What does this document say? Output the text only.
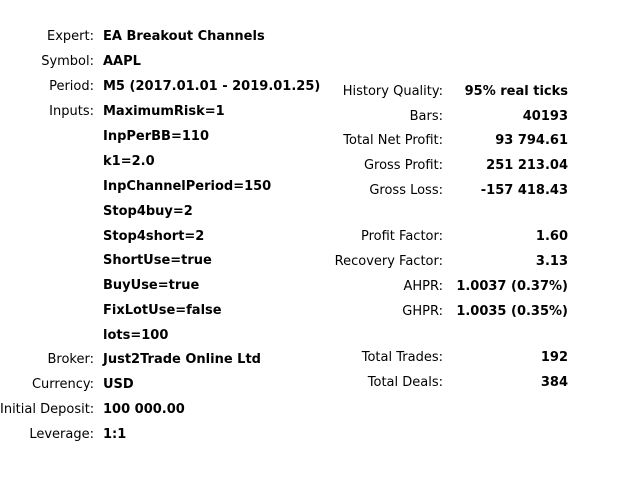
Expert: EA Breakout Channels
Symbol: AAPL
Period: M5 (2017.01.01 - 2019.01.25)
Inputs: MaximumRisk=1
InpPerBB=110
k1=2.0
InpChannelPeriod=150
Stop4buy=2
Stop4short=2
ShortUse=true
BuyUse=true
FixLotUse=false
lots=100
Broker: Just2Trade Online Ltd
Currency: USD
Initial Deposit: 100 000.00
Leverage: 1:1
History Quality:	95% real ticks
Bars:	40193
Total Net Profit:	93 794.61
Gross Profit:	251 213.04
Gross Loss:	-157 418.43
Profit Factor:	1.60
Recovery Factor:	3.13
AHPR:	1.0037 (0.37%)
GHPR:	1.0035 (0.35%)
Total Trades:	192
Total Deals:	384
